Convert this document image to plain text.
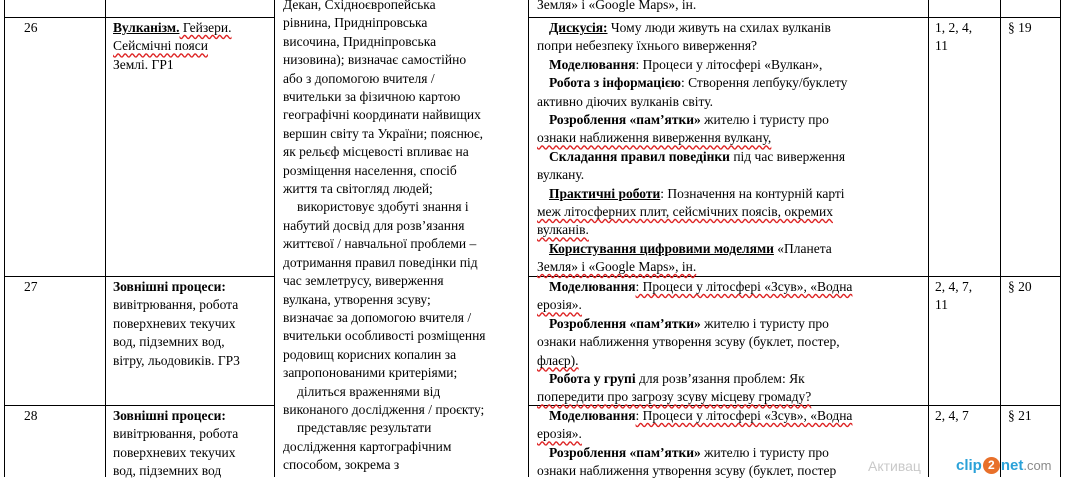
26
27
28

Вулканізм. Гейзери.

Сейсмічні пояси

Землі. ГР1

Зовнішні процеси:

вивітрювання, робота

поверхневих текучих

вод, підземних вод,

вітру, льодовиків. ГР3

Зовнішні процеси:

вивітрювання, робота

поверхневих текучих

вод, підземних вод

Декан, Східноєвропейська

рівнина, Придніпровська

височина, Придніпровська

низовина); визначає самостійно

або з допомогою вчителя /

вчительки за фізичною картою

географічні координати найвищих

вершин світу та України; пояснює,

як рельєф місцевості впливає на

розміщення населення, спосіб

життя та світогляд людей;

використовує здобуті знання і

набутий досвід для розв’язання

життєвої / навчальної проблеми –

дотримання правил поведінки під

час землетрусу, виверження

вулкана, утворення зсуву;

визначає за допомогою вчителя /

вчительки особливості розміщення

родовищ корисних копалин за

запропонованими критеріями;

ділиться враженнями від

виконаного дослідження / проєкту;

представляє результати

дослідження картографічним

способом, зокрема з

Земля» і «Google Maps», ін.

Дискусія: Чому люди живуть на схилах вулканів

попри небезпеку їхнього виверження?

Моделювання: Процеси у літосфері «Вулкан»,

Робота з інформацією: Створення лепбуку/буклету

активно діючих вулканів світу.

Розроблення «пам’ятки» жителю і туристу про

ознаки наближення виверження вулкану,

Складання правил поведінки під час виверження

вулкану.

Практичні роботи: Позначення на контурній карті

меж літосферних плит, сейсмічних поясів, окремих

вулканів.

Користування цифровими моделями «Планета

Земля» і «Google Maps», ін.

Моделювання: Процеси у літосфері «Зсув», «Водна

ерозія».

Розроблення «пам’ятки» жителю і туристу про

ознаки наближення утворення зсуву (буклет, постер,

флаєр).

Робота у групі для розв’язання проблем: Як

попередити про загрозу зсуву місцеву громаду?

Моделювання: Процеси у літосфері «Зсув», «Водна

ерозія».

Розроблення «пам’ятки» жителю і туристу про

ознаки наближення утворення зсуву (буклет, постер

1, 2, 4,
11
2, 4, 7,
11
2, 4, 7
§ 19
§ 20
§ 21
Активац clip 2 net .com
